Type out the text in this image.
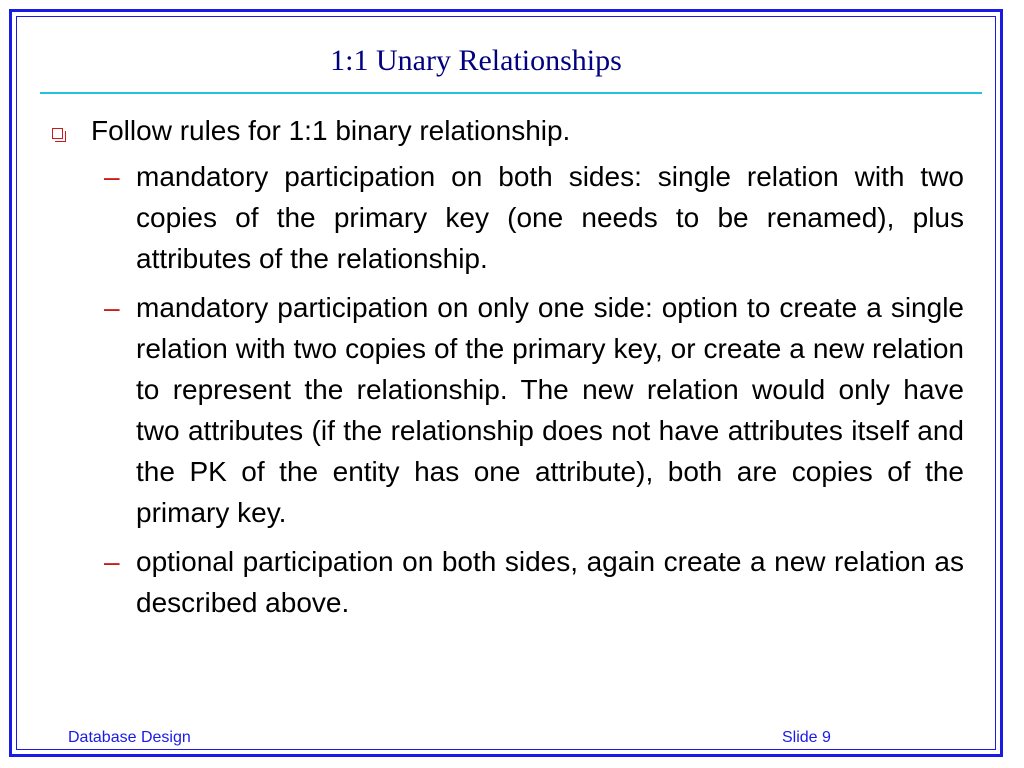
1:1 Unary Relationships
Follow rules for 1:1 binary relationship.
– mandatory participation on both sides: single relation with two copies of the primary key (one needs to be renamed), plus attributes of the relationship.
– mandatory participation on only one side: option to create a single relation with two copies of the primary key, or create a new relation to represent the relationship. The new relation would only have two attributes (if the relationship does not have attributes itself and the PK of the entity has one attribute), both are copies of the primary key.
– optional participation on both sides, again create a new relation as described above.
Database Design	Slide 9
